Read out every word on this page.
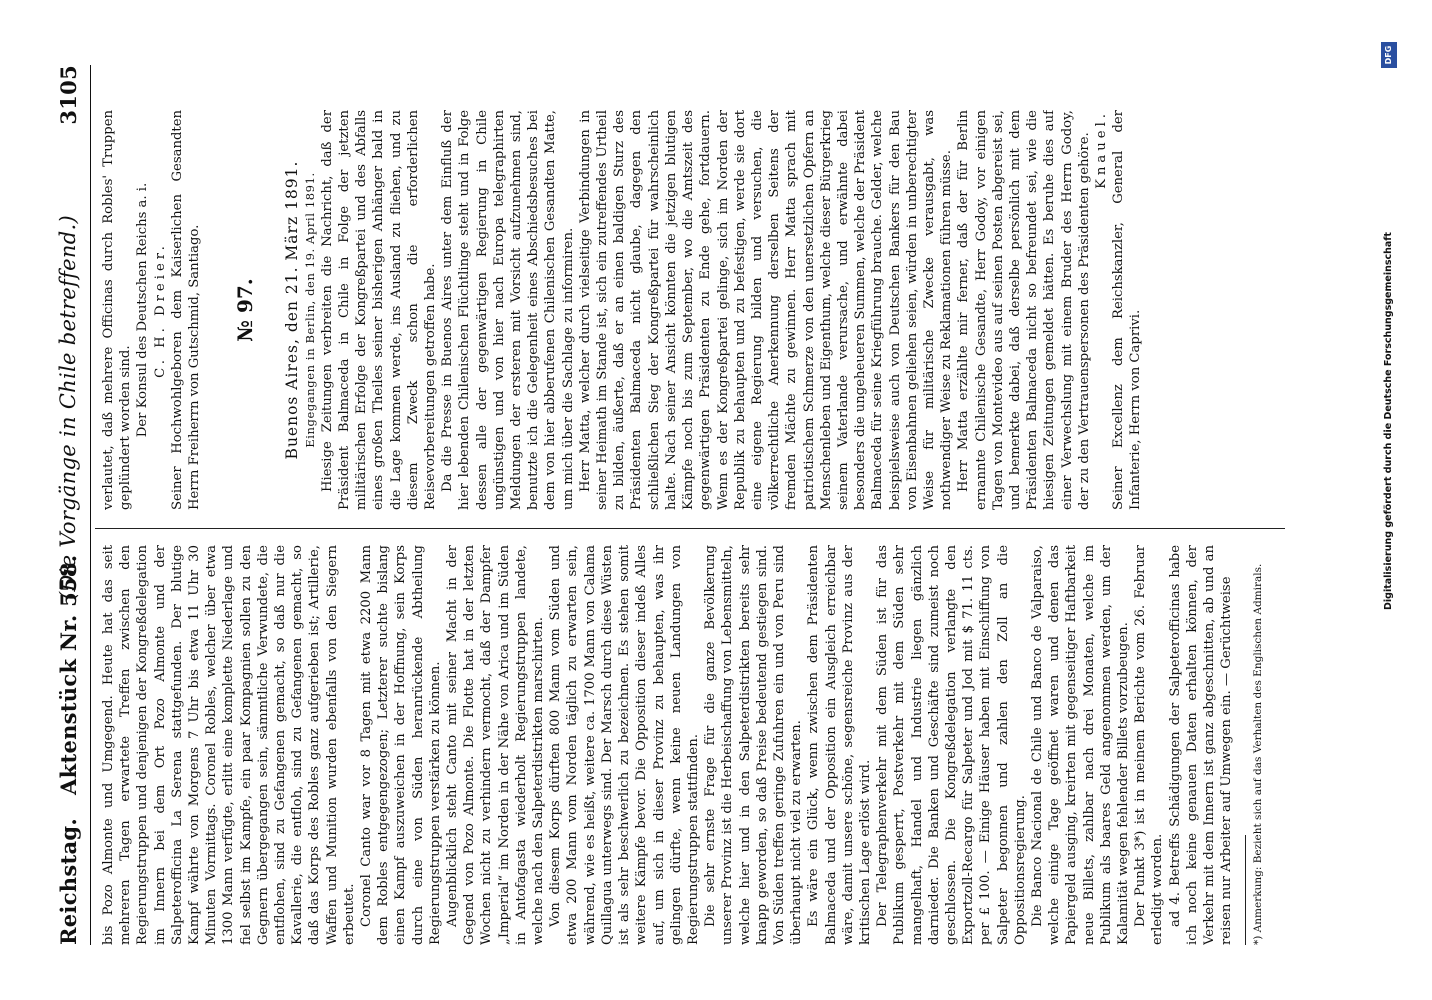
Reichstag.
Aktenstück Nr. 558.
(Die Vorgänge in Chile betreffend.)
3105

bis Pozo Almonte und Umgegend. Heute hat das seit mehreren Tagen erwartete Treffen zwischen den Regierungstruppen und denjenigen der Kongreßdelegation im Innern bei dem Ort Pozo Almonte und der Salpeterofficina La Serena stattgefunden. Der blutige Kampf währte von Morgens 7 Uhr bis etwa 11 Uhr 30 Minuten Vormittags. Coronel Robles, welcher über etwa 1300 Mann verfügte, erlitt eine komplette Niederlage und fiel selbst im Kampfe, ein paar Kompagnien sollen zu den Gegnern übergegangen sein, sämmtliche Verwundete, die entflohen, sind zu Gefangenen gemacht, so daß nur die Kavallerie, die entfloh, sind zu Gefangenen gemacht, so daß das Korps des Robles ganz aufgerieben ist; Artillerie, Waffen und Munition wurden ebenfalls von den Siegern erbeutet. Coronel Canto war vor 8 Tagen mit etwa 2200 Mann dem Robles entgegengezogen; Letzterer suchte bislang einen Kampf auszuweichen in der Hoffnung, sein Korps durch eine von Süden heranrückende Abtheilung Regierungstruppen verstärken zu können. Augenblicklich steht Canto mit seiner Macht in der Gegend von Pozo Almonte. Die Flotte hat in der letzten Wochen nicht zu verhindern vermocht, daß der Dampfer „Imperial“ im Norden in der Nähe von Arica und im Süden in Antofagasta wiederholt Regierungstruppen landete, welche nach den Salpeterdistrikten marschirten. Von diesem Korps dürften 800 Mann vom Süden und etwa 200 Mann vom Norden täglich zu erwarten sein, während, wie es heißt, weitere ca. 1700 Mann von Calama Quillagua unterwegs sind. Der Marsch durch diese Wüsten ist als sehr beschwerlich zu bezeichnen. Es stehen somit weitere Kämpfe bevor. Die Opposition dieser indeß Alles auf, um sich in dieser Provinz zu behaupten, was ihr gelingen dürfte, wenn keine neuen Landungen von Regierungstruppen stattfinden. Die sehr ernste Frage für die ganze Bevölkerung unserer Provinz ist die Herbeischaffung von Lebensmitteln, welche hier und in den Salpeterdistrikten bereits sehr knapp geworden, so daß Preise bedeutend gestiegen sind. Von Süden treffen geringe Zufuhren ein und von Peru sind überhaupt nicht viel zu erwarten. Es wäre ein Glück, wenn zwischen dem Präsidenten Balmaceda und der Opposition ein Ausgleich erreichbar wäre, damit unsere schöne, segensreiche Provinz aus der kritischen Lage erlöst wird. Der Telegraphenverkehr mit dem Süden ist für das Publikum gesperrt, Postverkehr mit dem Süden sehr mangelhaft, Handel und Industrie liegen gänzlich darnieder. Die Banken und Geschäfte sind zumeist noch geschlossen. Die Kongreßdelegation verlangte den Exportzoll-Recargo für Salpeter und Jod mit $ 71. 11 cts. per £ 100. — Einige Häuser haben mit Einschiffung von Salpeter begonnen und zahlen den Zoll an die Oppositionsregierung. Die Banco Nacional de Chile und Banco de Valparaiso, welche einige Tage geöffnet waren und denen das Papiergeld ausging, kreirten mit gegenseitiger Haftbarkeit neue Billets, zahlbar nach drei Monaten, welche im Publikum als baares Geld angenommen werden, um der Kalamität wegen fehlender Billets vorzubeugen. Der Punkt 3*) ist in meinem Berichte vom 26. Februar erledigt worden. ad 4. Betreffs Schädigungen der Salpeterofficinas habe ich noch keine genauen Daten erhalten können, der Verkehr mit dem Innern ist ganz abgeschnitten, ab und an reisen nur Arbeiter auf Umwegen ein. — Gerüchtweise *) Anmerkung: Bezieht sich auf das Verhalten des Englischen Admirals.

verlautet, daß mehrere Officinas durch Robles' Truppen geplündert worden sind. Der Konsul des Deutschen Reichs a. i. C. H. Dreier. Seiner Hochwohlgeboren dem Kaiserlichen Gesandten Herrn Freiherrn von Gutschmid, Santiago. № 97. Buenos Aires, den 21. März 1891. Eingegangen in Berlin, den 19. April 1891. Hiesige Zeitungen verbreiten die Nachricht, daß der Präsident Balmaceda in Chile in Folge der jetzten militärischen Erfolge der Kongreßpartei und des Abfalls eines großen Theiles seiner bisherigen Anhänger bald in die Lage kommen werde, ins Ausland zu fliehen, und zu diesem Zweck schon die erforderlichen Reisevorbereitungen getroffen habe. Da die Presse in Buenos Aires unter dem Einfluß der hier lebenden Chilenischen Flüchtlinge steht und in Folge dessen alle der gegenwärtigen Regierung in Chile ungünstigen und von hier nach Europa telegraphirten Meldungen der ersteren mit Vorsicht aufzunehmen sind, benutzte ich die Gelegenheit eines Abschiedsbesuches bei dem von hier abberufenen Chilenischen Gesandten Matte, um mich über die Sachlage zu informiren. Herr Matta, welcher durch vielseitige Verbindungen in seiner Heimath im Stande ist, sich ein zutreffendes Urtheil zu bilden, äußerte, daß er an einen baldigen Sturz des Präsidenten Balmaceda nicht glaube, dagegen den schließlichen Sieg der Kongreßpartei für wahrscheinlich halte. Nach seiner Ansicht könnten die jetzigen blutigen Kämpfe noch bis zum September, wo die Amtszeit des gegenwärtigen Präsidenten zu Ende gehe, fortdauern. Wenn es der Kongreßpartei gelinge, sich im Norden der Republik zu behaupten und zu befestigen, werde sie dort eine eigene Regierung bilden und versuchen, die völkerrechtliche Anerkennung derselben Seitens der fremden Mächte zu gewinnen. Herr Matta sprach mit patriotischem Schmerze von den unersetzlichen Opfern an Menschenleben und Eigenthum, welche dieser Bürgerkrieg seinem Vaterlande verursache, und erwähnte dabei besonders die ungeheueren Summen, welche der Präsident Balmaceda für seine Kriegführung brauche. Gelder, welche beispielsweise auch von Deutschen Bankers für den Bau von Eisenbahnen geliehen seien, würden in unberechtigter Weise für militärische Zwecke verausgabt, was nothwendiger Weise zu Reklamationen führen müsse. Herr Matta erzählte mir ferner, daß der für Berlin ernannte Chilenische Gesandte, Herr Godoy, vor einigen Tagen von Montevideo aus auf seinen Posten abgereist sei, und bemerkte dabei, daß derselbe persönlich mit dem Präsidenten Balmaceda nicht so befreundet sei, wie die hiesigen Zeitungen gemeldet hätten. Es beruhe dies auf einer Verwechslung mit einem Bruder des Herrn Godoy, der zu den Vertrauenspersonen des Präsidenten gehöre. Knauel. Seiner Excellenz dem Reichskanzler, General der Infanterie, Herrn von Caprivi.	Digitalisierung gefördert durch die Deutsche Forschungsgemeinschaft
DFG
